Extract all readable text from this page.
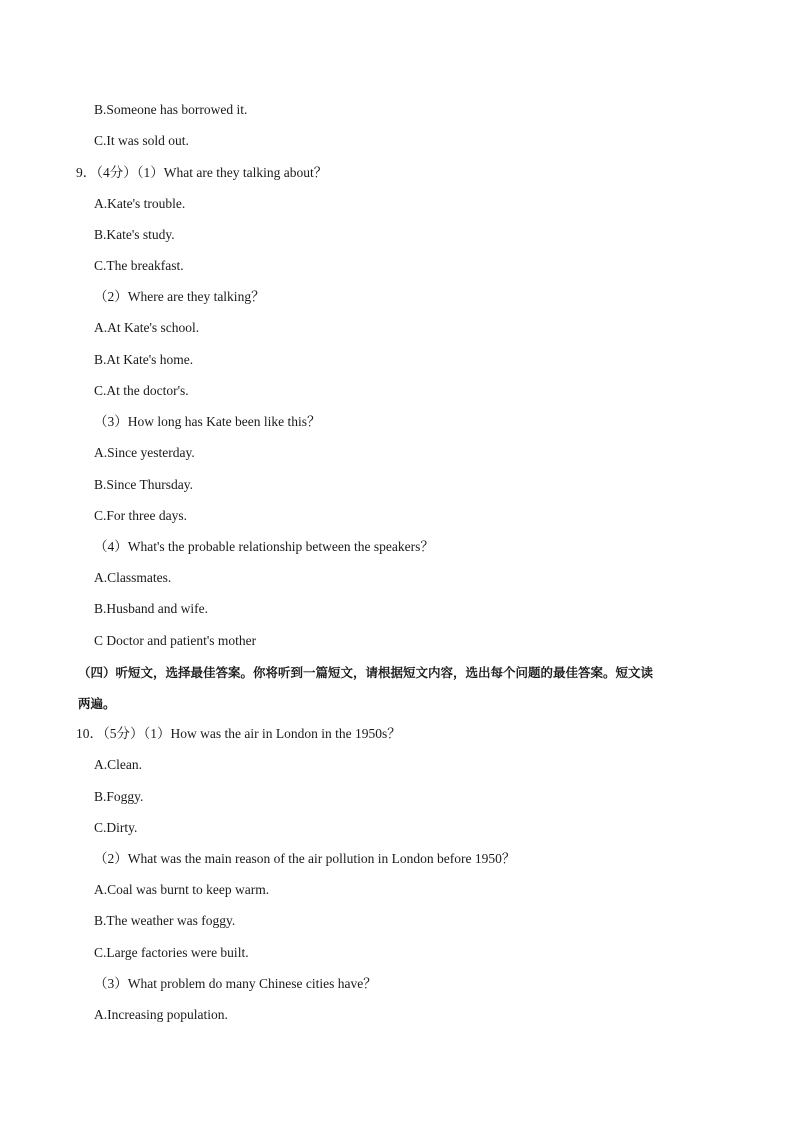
B.Someone has borrowed it.
C.It was sold out.
9．（4分）（1）What are they talking about？
A.Kate's trouble.
B.Kate's study.
C.The breakfast.
（2）Where are they talking？
A.At Kate's school.
B.At Kate's home.
C.At the doctor's.
（3）How long has Kate been like this？
A.Since yesterday.
B.Since Thursday.
C.For three days.
（4）What's the probable relationship between the speakers？
A.Classmates.
B.Husband and wife.
C Doctor and patient's mother
（四）听短文，选择最佳答案。你将听到一篇短文，请根据短文内容，选出每个问题的最佳答案。短文读
两遍。
10．（5分）（1）How was the air in London in the 1950s？
A.Clean.
B.Foggy.
C.Dirty.
（2）What was the main reason of the air pollution in London before 1950？
A.Coal was burnt to keep warm.
B.The weather was foggy.
C.Large factories were built.
（3）What problem do many Chinese cities have？
A.Increasing population.
